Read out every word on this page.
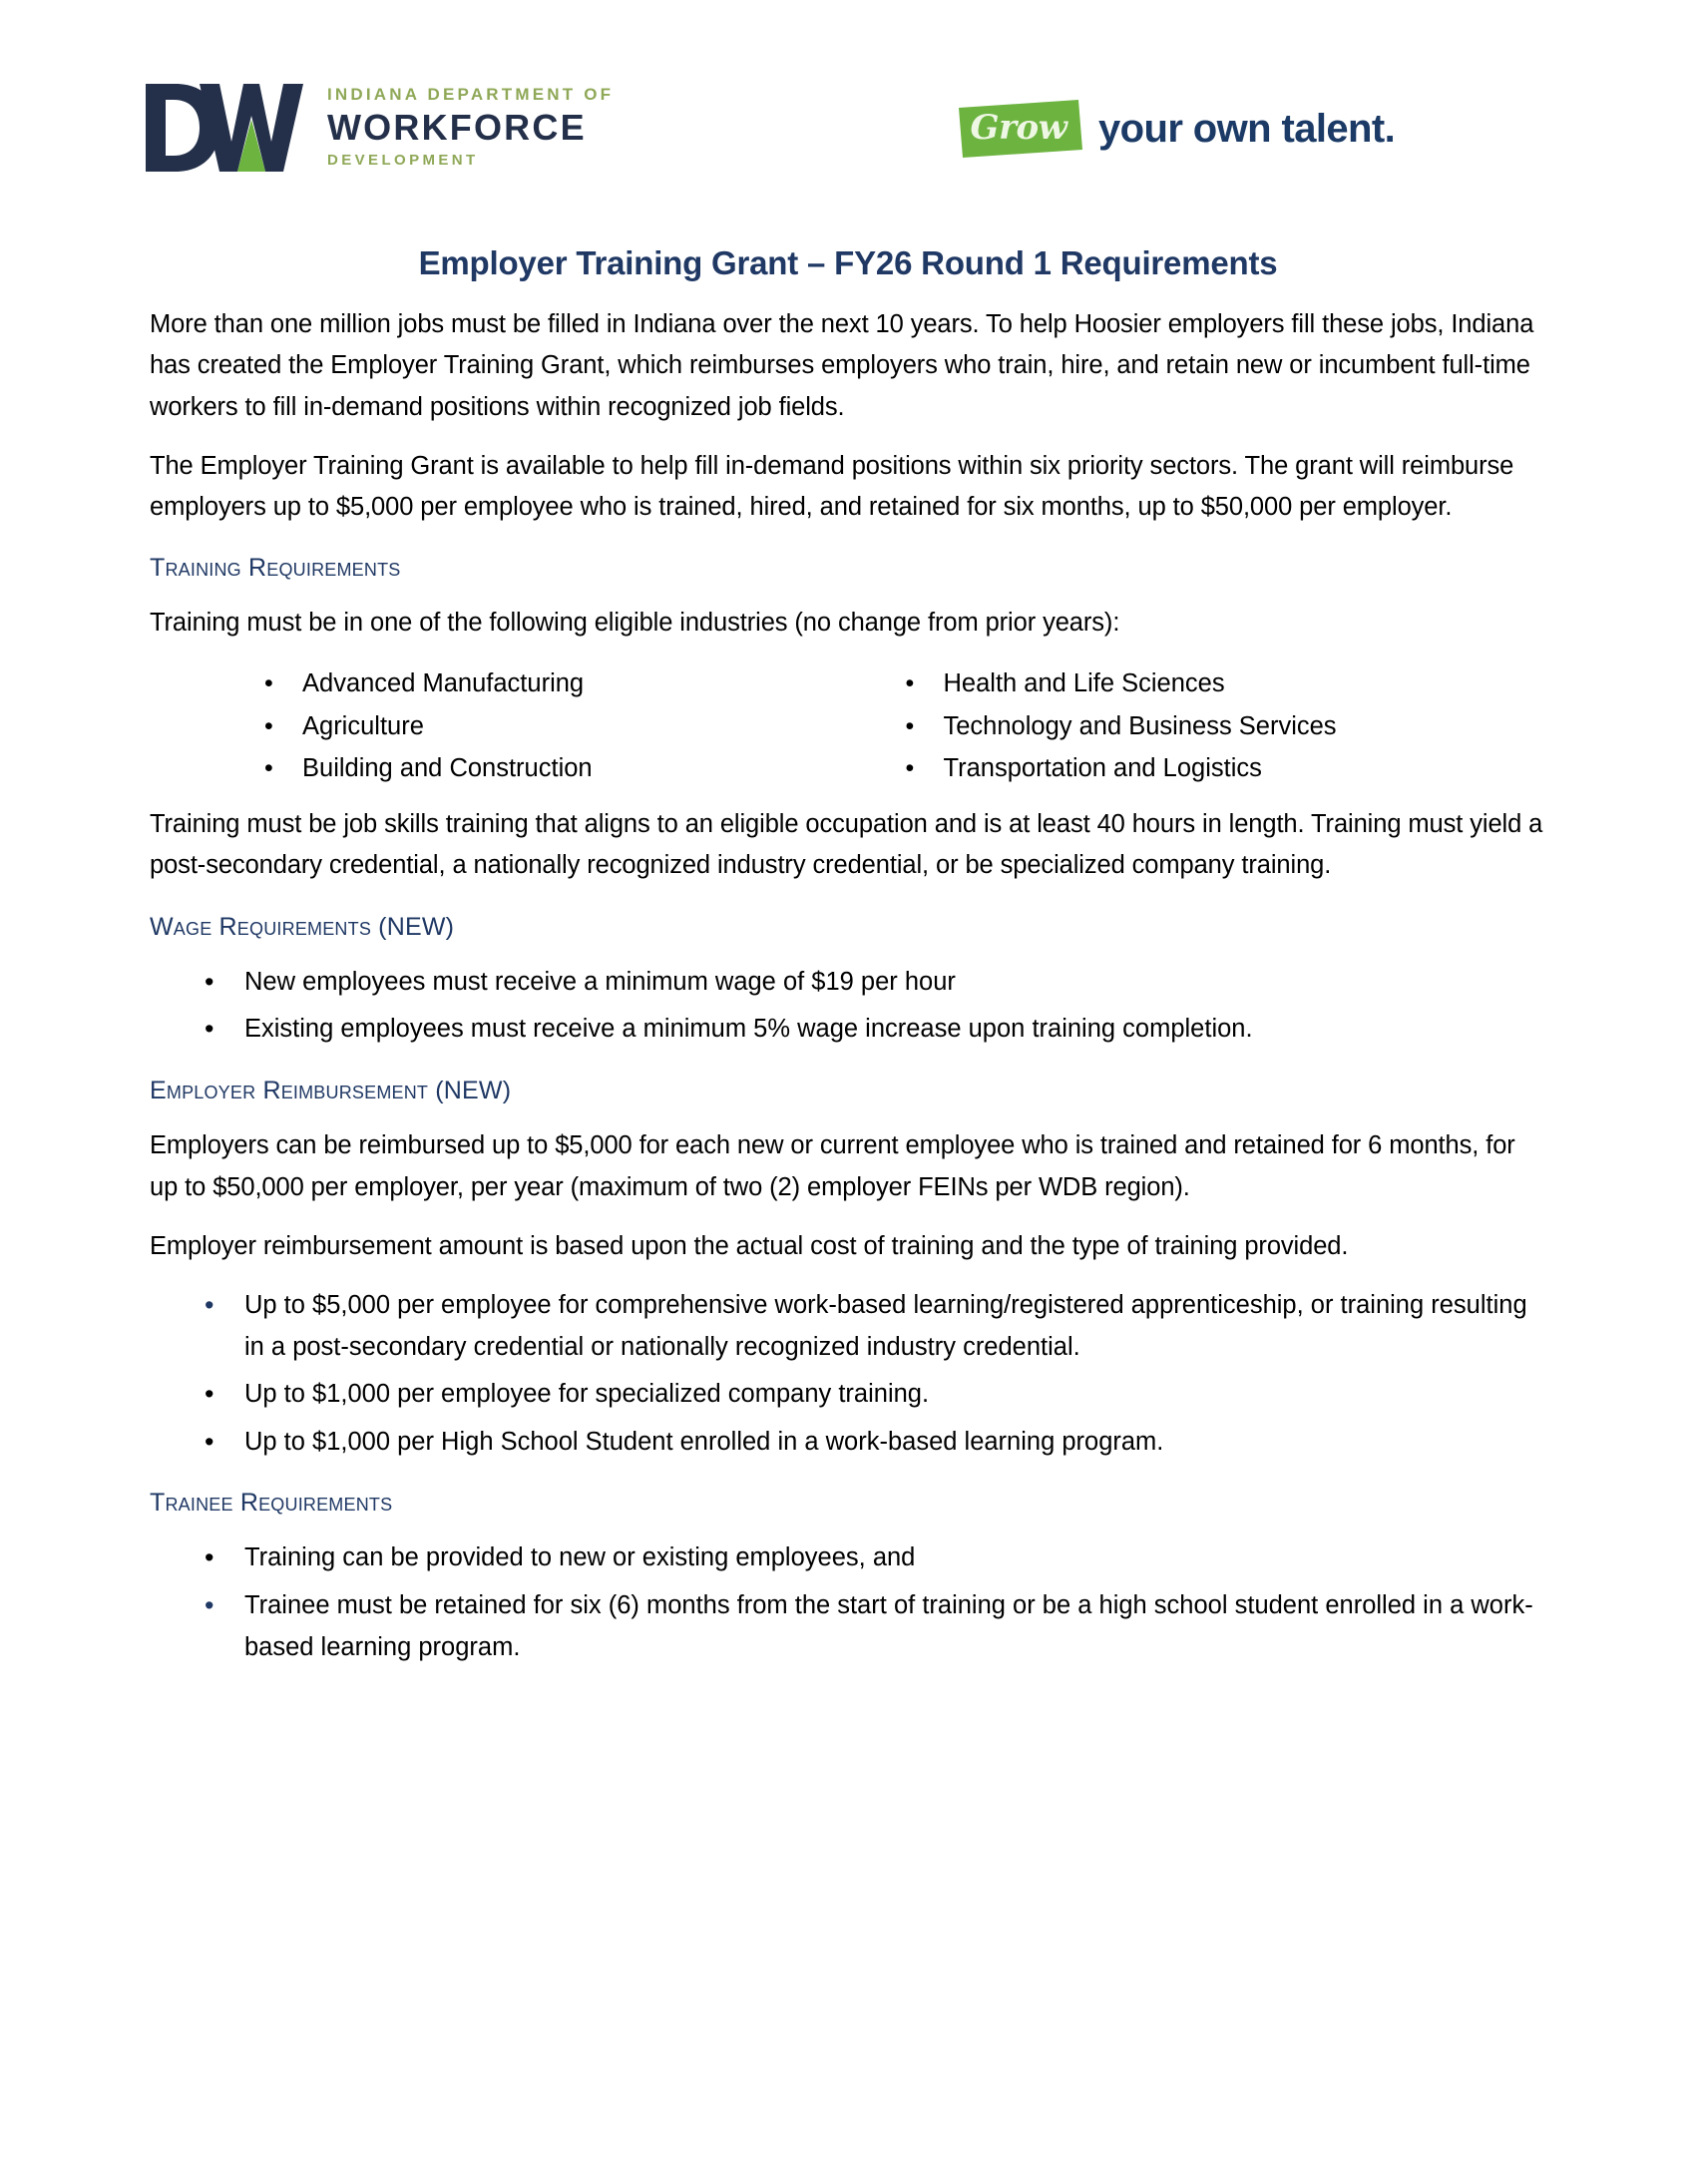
INDIANA DEPARTMENT OF
WORKFORCE
DEVELOPMENT
Grow your own talent.
Employer Training Grant – FY26 Round 1 Requirements

More than one million jobs must be filled in Indiana over the next 10 years. To help Hoosier employers fill these jobs, Indiana has created the Employer Training Grant, which reimburses employers who train, hire, and retain new or incumbent full-time workers to fill in-demand positions within recognized job fields.

The Employer Training Grant is available to help fill in-demand positions within six priority sectors. The grant will reimburse employers up to $5,000 per employee who is trained, hired, and retained for six months, up to $50,000 per employer.

Training Requirements

Training must be in one of the following eligible industries (no change from prior years):

•	Advanced Manufacturing	•	Health and Life Sciences
•	Agriculture	•	Technology and Business Services
•	Building and Construction	•	Transportation and Logistics

Training must be job skills training that aligns to an eligible occupation and is at least 40 hours in length. Training must yield a post-secondary credential, a nationally recognized industry credential, or be specialized company training.

Wage Requirements (NEW)
•	New employees must receive a minimum wage of $19 per hour
•	Existing employees must receive a minimum 5% wage increase upon training completion.
Employer Reimbursement (NEW)

Employers can be reimbursed up to $5,000 for each new or current employee who is trained and retained for 6 months, for up to $50,000 per employer, per year (maximum of two (2) employer FEINs per WDB region).

Employer reimbursement amount is based upon the actual cost of training and the type of training provided.

•	Up to $5,000 per employee for comprehensive work-based learning/registered apprenticeship, or training resulting in a post-secondary credential or nationally recognized industry credential.
•	Up to $1,000 per employee for specialized company training.
•	Up to $1,000 per High School Student enrolled in a work-based learning program.
Trainee Requirements
•	Training can be provided to new or existing employees, and
•	Trainee must be retained for six (6) months from the start of training or be a high school student enrolled in a work-based learning program.
